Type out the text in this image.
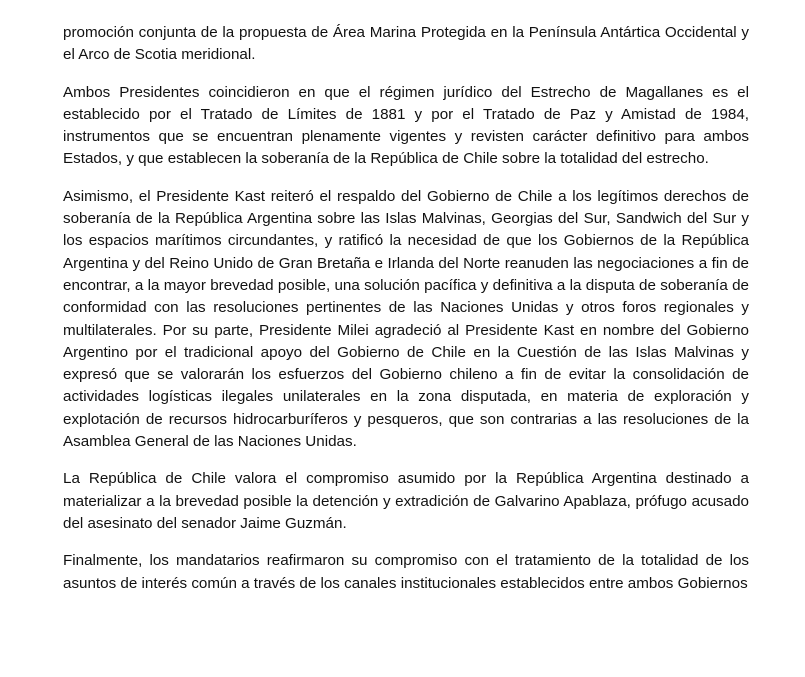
promoción conjunta de la propuesta de Área Marina Protegida en la Península Antártica Occidental y el Arco de Scotia meridional.

Ambos Presidentes coincidieron en que el régimen jurídico del Estrecho de Magallanes es el establecido por el Tratado de Límites de 1881 y por el Tratado de Paz y Amistad de 1984, instrumentos que se encuentran plenamente vigentes y revisten carácter definitivo para ambos Estados, y que establecen la soberanía de la República de Chile sobre la totalidad del estrecho.

Asimismo, el Presidente Kast reiteró el respaldo del Gobierno de Chile a los legítimos derechos de soberanía de la República Argentina sobre las Islas Malvinas, Georgias del Sur, Sandwich del Sur y los espacios marítimos circundantes, y ratificó la necesidad de que los Gobiernos de la República Argentina y del Reino Unido de Gran Bretaña e Irlanda del Norte reanuden las negociaciones a fin de encontrar, a la mayor brevedad posible, una solución pacífica y definitiva a la disputa de soberanía de conformidad con las resoluciones pertinentes de las Naciones Unidas y otros foros regionales y multilaterales. Por su parte, Presidente Milei agradeció al Presidente Kast en nombre del Gobierno Argentino por el tradicional apoyo del Gobierno de Chile en la Cuestión de las Islas Malvinas y expresó que se valorarán los esfuerzos del Gobierno chileno a fin de evitar la consolidación de actividades logísticas ilegales unilaterales en la zona disputada, en materia de exploración y explotación de recursos hidrocarburíferos y pesqueros, que son contrarias a las resoluciones de la Asamblea General de las Naciones Unidas.

La República de Chile valora el compromiso asumido por la República Argentina destinado a materializar a la brevedad posible la detención y extradición de Galvarino Apablaza, prófugo acusado del asesinato del senador Jaime Guzmán.

Finalmente, los mandatarios reafirmaron su compromiso con el tratamiento de la totalidad de los asuntos de interés común a través de los canales institucionales establecidos entre ambos Gobiernos
